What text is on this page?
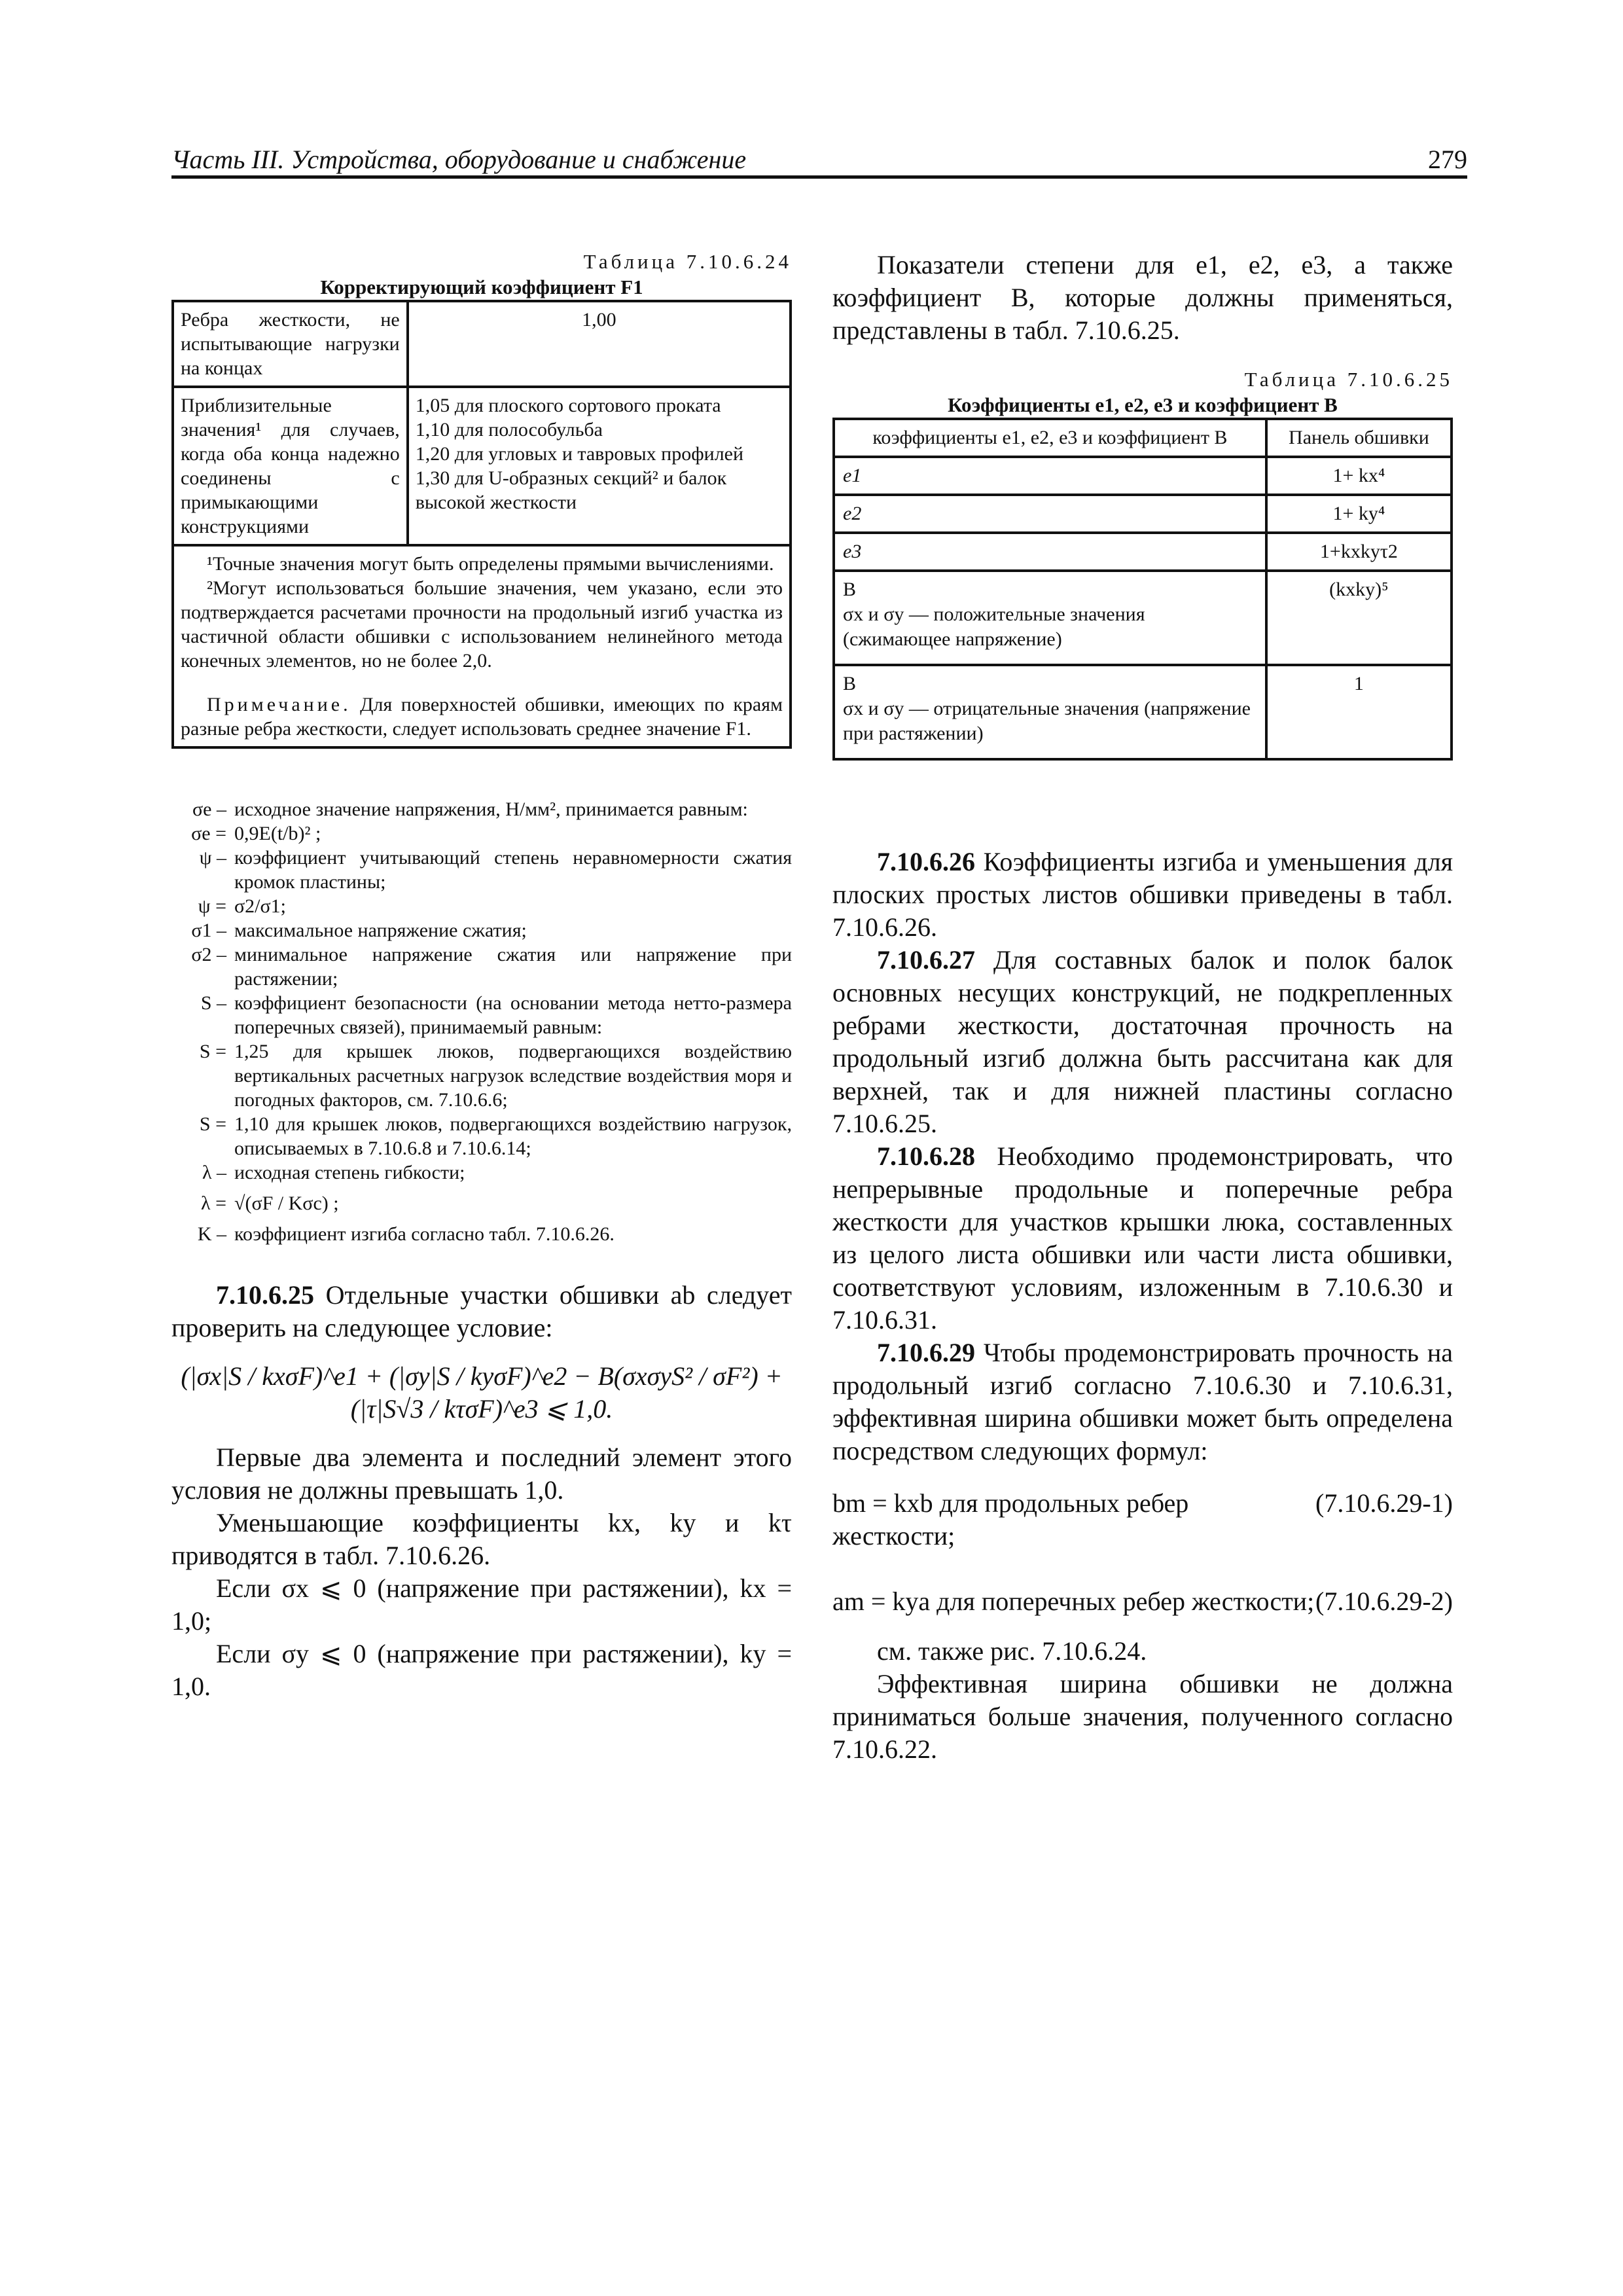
Часть III. Устройства, оборудование и снабжение	279
Таблица 7.10.6.24
Корректирующий коэффициент F1
Ребра жесткости, не испытывающие нагрузки на концах	1,00
Приблизительные значения¹ для случаев, когда оба конца надежно соединены с примыкающими конструкциями	1,05 для плоского сортового проката
1,10 для полособульба
1,20 для угловых и тавровых профилей
1,30 для U-образных секций² и балок высокой жесткости

¹Точные значения могут быть определены прямыми вычислениями.
²Могут использоваться большие значения, чем указано, если это подтверждается расчетами прочности на продольный изгиб участка из частичной области обшивки с использованием нелинейного метода конечных элементов, но не более 2,0.
Примечание. Для поверхностей обшивки, имеющих по краям разные ребра жесткости, следует использовать среднее значение F1.	
σe – исходное значение напряжения, Н/мм², принимается равным:
σe = 0,9E(t/b)² ;
ψ – коэффициент учитывающий степень неравномерности сжатия кромок пластины;
ψ = σ2/σ1;
σ1 – максимальное напряжение сжатия;
σ2 – минимальное напряжение сжатия или напряжение при растяжении;
S – коэффициент безопасности (на основании метода нетто-размера поперечных связей), принимаемый равным:
S = 1,25 для крышек люков, подвергающихся воздействию вертикальных расчетных нагрузок вследствие воздействия моря и погодных факторов, см. 7.10.6.6;
S = 1,10 для крышек люков, подвергающихся воздействию нагрузок, описываемых в 7.10.6.8 и 7.10.6.14;
λ – исходная степень гибкости;
λ = √(σF / Kσc) ;
K – коэффициент изгиба согласно табл. 7.10.6.26.
7.10.6.25 Отдельные участки обшивки ab следует проверить на следующее условие:
(|σx|S / kxσF)^e1 + (|σy|S / kyσF)^e2 − B(σxσyS² / σF²) + (|τ|S√3 / kτσF)^e3 ⩽ 1,0.

Первые два элемента и последний элемент этого условия не должны превышать 1,0.

Уменьшающие коэффициенты kx, ky и kτ приводятся в табл. 7.10.6.26.

Если σx ⩽ 0 (напряжение при растяжении), kx = 1,0;

Если σy ⩽ 0 (напряжение при растяжении), ky = 1,0.

Показатели степени для e1, e2, e3, а также коэффициент B, которые должны применяться, представлены в табл. 7.10.6.25.

Таблица 7.10.6.25
Коэффициенты e1, e2, e3 и коэффициент B
коэффициенты e1, e2, e3 и коэффициент B	Панель обшивки
e1	1+ kx⁴
e2	1+ ky⁴
e3	1+kxkyτ2
B
σx и σy — положительные значения (сжимающее напряжение)	(kxky)⁵
B
σx и σy — отрицательные значения (напряжение при растяжении)	1

7.10.6.26 Коэффициенты изгиба и уменьшения для плоских простых листов обшивки приведены в табл. 7.10.6.26.

7.10.6.27 Для составных балок и полок балок основных несущих конструкций, не подкрепленных ребрами жесткости, достаточная прочность на продольный изгиб должна быть рассчитана как для верхней, так и для нижней пластины согласно 7.10.6.25.

7.10.6.28 Необходимо продемонстрировать, что непрерывные продольные и поперечные ребра жесткости для участков крышки люка, составленных из целого листа обшивки или части листа обшивки, соответствуют условиям, изложенным в 7.10.6.30 и 7.10.6.31.

7.10.6.29 Чтобы продемонстрировать прочность на продольный изгиб согласно 7.10.6.30 и 7.10.6.31, эффективная ширина обшивки может быть определена посредством следующих формул:

(7.10.6.29-1)
bm = kxb для продольных ребер жесткости;
(7.10.6.29-2)
am = kya для поперечных ребер жесткости;

см. также рис. 7.10.6.24.

Эффективная ширина обшивки не должна приниматься больше значения, полученного согласно 7.10.6.22.
